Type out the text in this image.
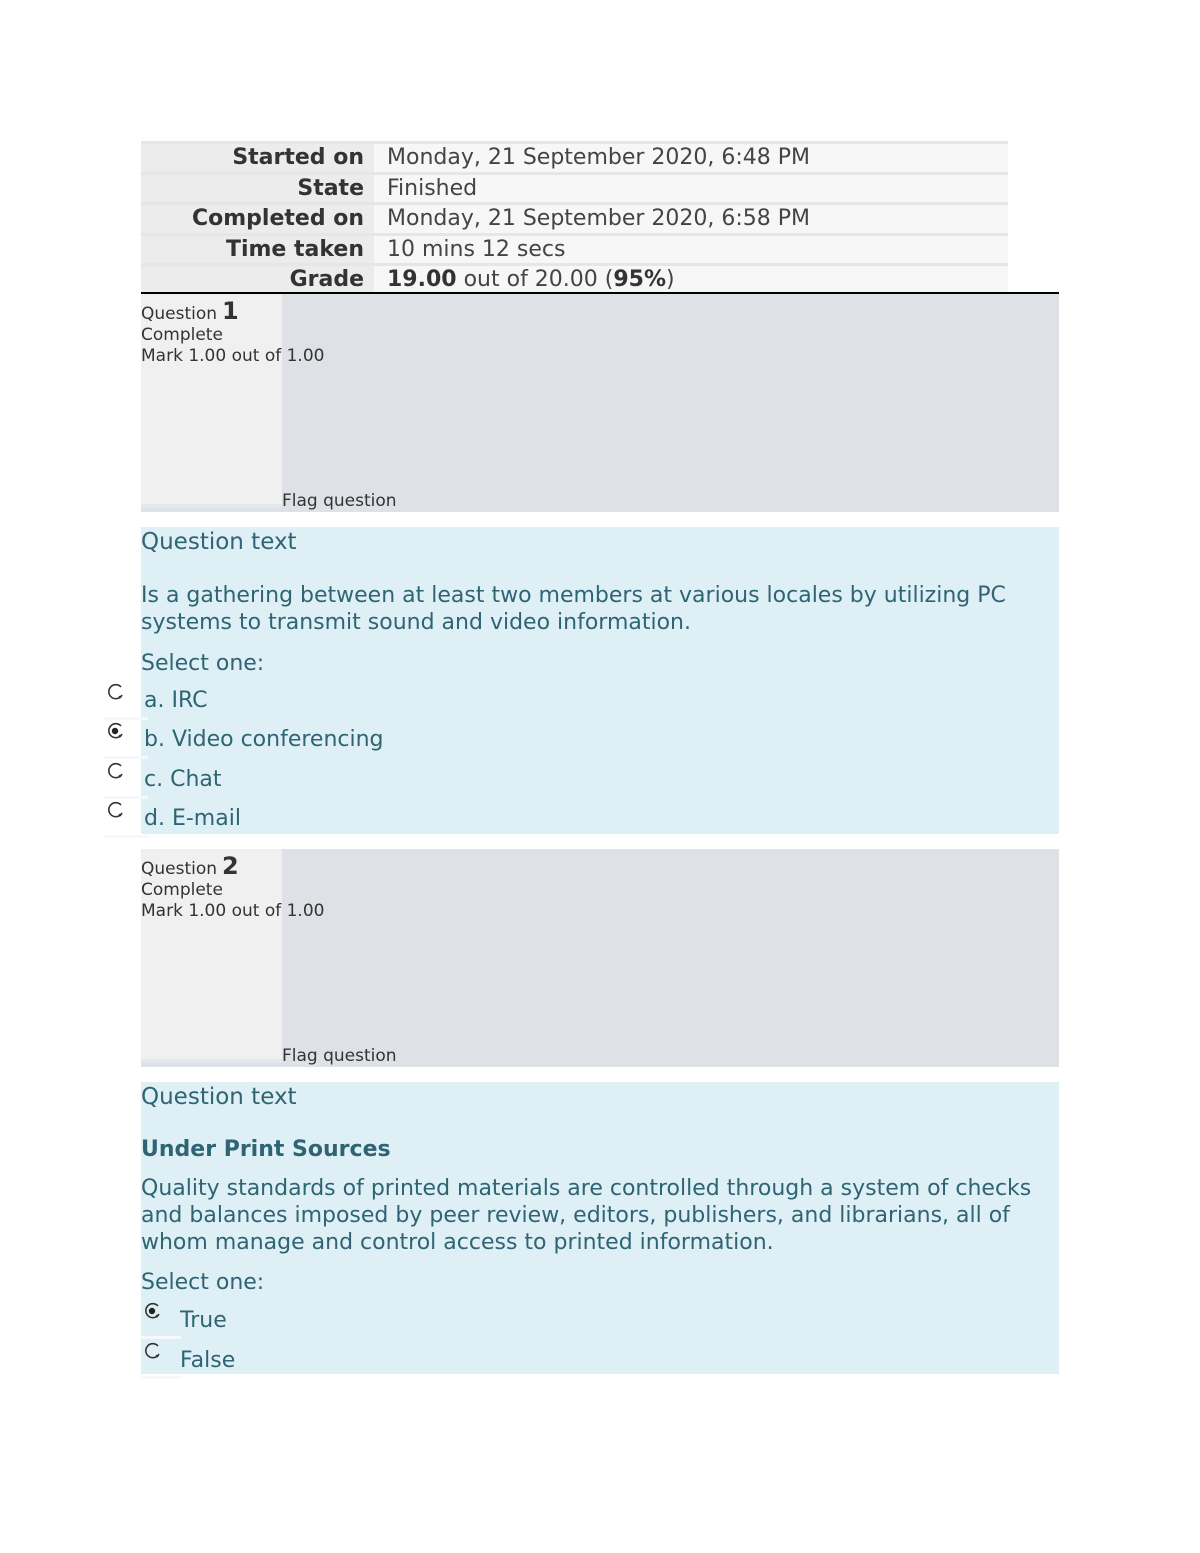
Started on	Monday, 21 September 2020, 6:48 PM
State	Finished
Completed on	Monday, 21 September 2020, 6:58 PM
Time taken	10 mins 12 secs
Grade	19.00 out of 20.00 (95%)
Question 1
Complete
Mark 1.00 out of 1.00
Flag question
Question text
Is a gathering between at least two members at various locales by utilizing PC systems to transmit sound and video information.
Select one:
a. IRC
b. Video conferencing
c. Chat
d. E-mail
Question 2
Complete
Mark 1.00 out of 1.00
Flag question
Question text
Under Print Sources
Quality standards of printed materials are controlled through a system of checks and balances imposed by peer review, editors, publishers, and librarians, all of whom manage and control access to printed information.
Select one:
True
False
